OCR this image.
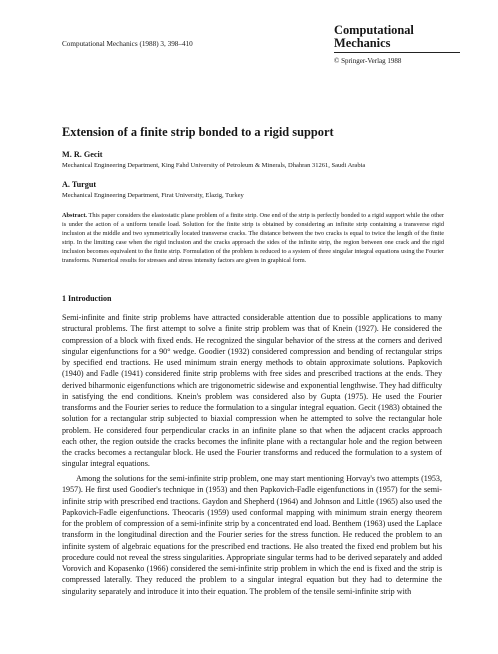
Computational Mechanics (1988) 3, 398–410
Computational
Mechanics
© Springer-Verlag 1988
Extension of a finite strip bonded to a rigid support
M. R. Gecit
Mechanical Engineering Department, King Fahd University of Petroleum & Minerals, Dhahran 31261, Saudi Arabia
A. Turgut
Mechanical Engineering Department, Firat University, Elazig, Turkey

Abstract. This paper considers the elastostatic plane problem of a finite strip. One end of the strip is perfectly bonded to a rigid support while the other is under the action of a uniform tensile load. Solution for the finite strip is obtained by considering an infinite strip containing a transverse rigid inclusion at the middle and two symmetrically located transverse cracks. The distance between the two cracks is equal to twice the length of the finite strip. In the limiting case when the rigid inclusion and the cracks approach the sides of the infinite strip, the region between one crack and the rigid inclusion becomes equivalent to the finite strip. Formulation of the problem is reduced to a system of three singular integral equations using the Fourier transforms. Numerical results for stresses and stress intensity factors are given in graphical form.

1 Introduction

Semi-infinite and finite strip problems have attracted considerable attention due to possible applications to many structural problems. The first attempt to solve a finite strip problem was that of Knein (1927). He considered the compression of a block with fixed ends. He recognized the singular behavior of the stress at the corners and derived singular eigenfunctions for a 90° wedge. Goodier (1932) considered compression and bending of rectangular strips by specified end tractions. He used minimum strain energy methods to obtain approximate solutions. Papkovich (1940) and Fadle (1941) considered finite strip problems with free sides and prescribed tractions at the ends. They derived biharmonic eigenfunctions which are trigonometric sidewise and exponential lengthwise. They had difficulty in satisfying the end conditions. Knein's problem was considered also by Gupta (1975). He used the Fourier transforms and the Fourier series to reduce the formulation to a singular integral equation. Gecit (1983) obtained the solution for a rectangular strip subjected to biaxial compression when he attempted to solve the rectangular hole problem. He considered four perpendicular cracks in an infinite plane so that when the adjacent cracks approach each other, the region outside the cracks becomes the infinite plane with a rectangular hole and the region between the cracks becomes a rectangular block. He used the Fourier transforms and reduced the formulation to a system of singular integral equations.

Among the solutions for the semi-infinite strip problem, one may start mentioning Horvay's two attempts (1953, 1957). He first used Goodier's technique in (1953) and then Papkovich-Fadle eigenfunctions in (1957) for the semi-infinite strip with prescribed end tractions. Gaydon and Shepherd (1964) and Johnson and Little (1965) also used the Papkovich-Fadle eigenfunctions. Theocaris (1959) used conformal mapping with minimum strain energy theorem for the problem of compression of a semi-infinite strip by a concentrated end load. Benthem (1963) used the Laplace transform in the longitudinal direction and the Fourier series for the stress function. He reduced the problem to an infinite system of algebraic equations for the prescribed end tractions. He also treated the fixed end problem but his procedure could not reveal the stress singularities. Appropriate singular terms had to be derived separately and added Vorovich and Kopasenko (1966) considered the semi-infinite strip problem in which the end is fixed and the strip is compressed laterally. They reduced the problem to a singular integral equation but they had to determine the singularity separately and introduce it into their equation. The problem of the tensile semi-infinite strip with
